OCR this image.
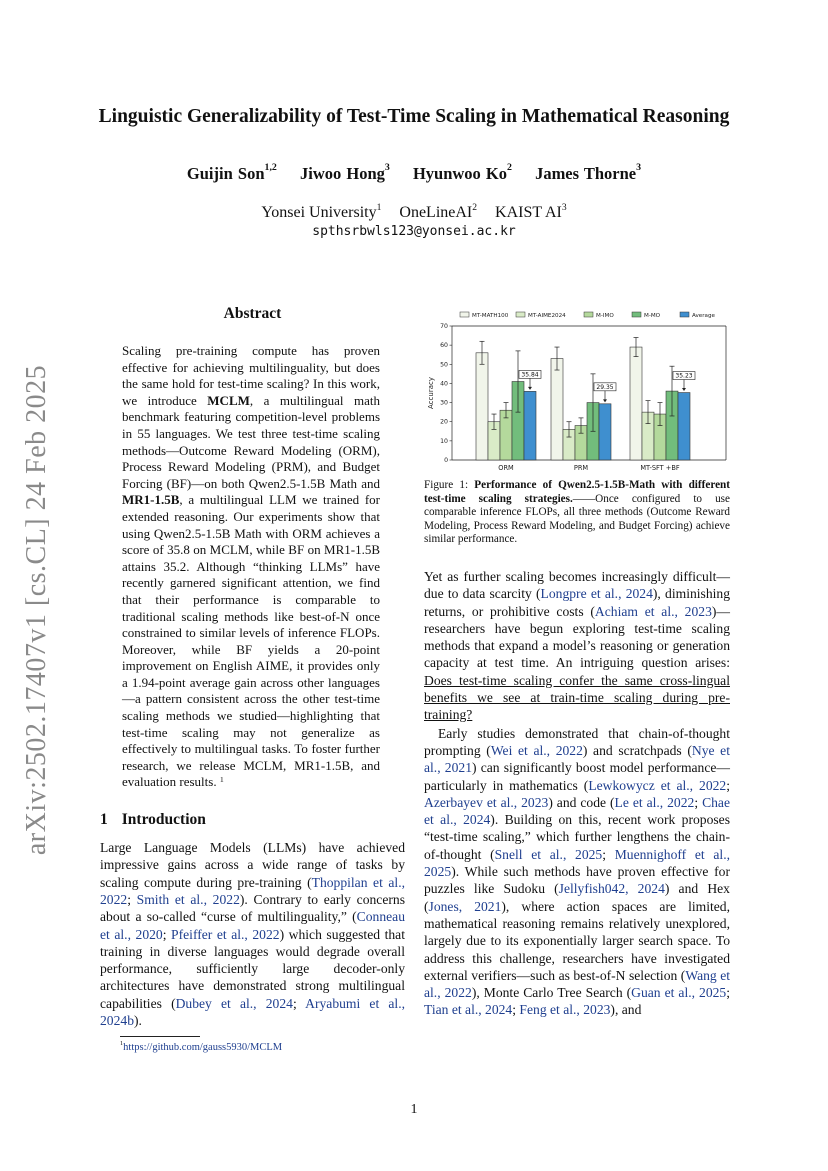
arXiv:2502.17407v1 [cs.CL] 24 Feb 2025
Linguistic Generalizability of Test-Time Scaling in Mathematical Reasoning
Guijin Son$^{1,2}$ Jiwoo Hong$^3$ Hyunwoo Ko$^2$ James Thorne$^3$
Yonsei University$^1$ OneLineAI$^2$ KAIST $AI^3$
spthsrbwls123@yonsei.ac.kr
Abstract

Scaling pre-training compute has proven effective for achieving multilinguality, but does the same hold for test-time scaling? In this work, we introduce MCLM, a multilingual math benchmark featuring competition-level problems in 55 languages. We test three test-time scaling methods—Outcome Reward Modeling (ORM), Process Reward Modeling (PRM), and Budget Forcing (BF)—on both Qwen2.5-1.5B Math and MR1-1.5B, a multilingual LLM we trained for extended reasoning. Our experiments show that using Qwen2.5-1.5B Math with ORM achieves a score of 35.8 on MCLM, while BF on MR1-1.5B attains 35.2. Although “thinking LLMs” have recently garnered significant attention, we find that their performance is comparable to traditional scaling methods like best-of-N once constrained to similar levels of inference FLOPs. Moreover, while BF yields a 20-point improvement on English AIME, it provides only a 1.94-point average gain across other languages—a pattern consistent across the other test-time scaling methods we studied—highlighting that test-time scaling may not generalize as effectively to multilingual tasks. To foster further research, we release MCLM, MR1-1.5B, and evaluation results. $^1$

1 Introduction

Large Language Models (LLMs) have achieved impressive gains across a wide range of tasks by scaling compute during pre-training (Thoppilan et al., 2022; Smith et al., 2022). Contrary to early concerns about a so-called “curse of multilinguality,” (Conneau et al., 2020; Pfeiffer et al., 2022) which suggested that training in diverse languages would degrade overall performance, sufficiently large decoder-only architectures have demonstrated strong multilingual capabilities (Dubey et al., 2024; Aryabumi et al., 2024b).

$^1$https://github.com/gauss5930/MCLM
MT-MATH100	MT-AIME2024	M-IMO	M-MO	Average
0
10
20
30
40
50
60
70
Accuracy
35.84
ORM
29.35
PRM
35.23
MT-SFT +BF

Figure 1: Performance of Qwen2.5-1.5B-Math with different test-time scaling strategies.——Once configured to use comparable inference FLOPs, all three methods (Outcome Reward Modeling, Process Reward Modeling, and Budget Forcing) achieve similar performance.

Yet as further scaling becomes increasingly difficult—due to data scarcity (Longpre et al., 2024), diminishing returns, or prohibitive costs (Achiam et al., 2023)—researchers have begun exploring test-time scaling methods that expand a model’s reasoning or generation capacity at test time. An intriguing question arises: Does test-time scaling confer the same cross-lingual benefits we see at train-time scaling during pre-training?

Early studies demonstrated that chain-of-thought prompting (Wei et al., 2022) and scratchpads (Nye et al., 2021) can significantly boost model performance—particularly in mathematics (Lewkowycz et al., 2022; Azerbayev et al., 2023) and code (Le et al., 2022; Chae et al., 2024). Building on this, recent work proposes “test-time scaling,” which further lengthens the chain-of-thought (Snell et al., 2025; Muennighoff et al., 2025). While such methods have proven effective for puzzles like Sudoku (Jellyfish042, 2024) and Hex (Jones, 2021), where action spaces are limited, mathematical reasoning remains relatively unexplored, largely due to its exponentially larger search space. To address this challenge, researchers have investigated external verifiers—such as best-of-N selection (Wang et al., 2022), Monte Carlo Tree Search (Guan et al., 2025; Tian et al., 2024; Feng et al., 2023), and

1
